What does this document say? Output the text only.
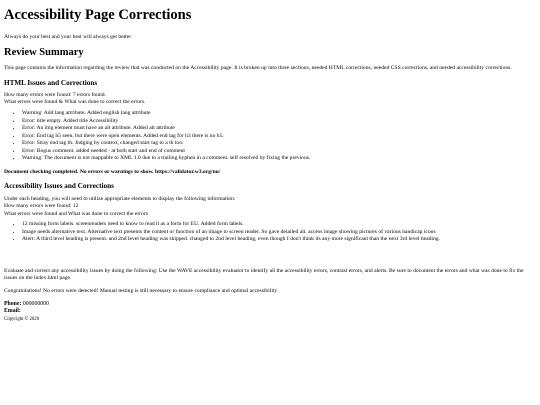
Accessibility Page Corrections

Always do your best and your best will always get better

Review Summary

This page contains the information regarding the review that was conducted on the Accessibility page. It is broken up into three sections, needed HTML corrections, needed CSS corrections, and needed accessibility corrections.

HTML Issues and Corrections

How many errors were found: 7 errors found.

What errors were found & What was done to correct the errors.

• Warning: Add lang attribute. Added english lang attribute
• Error: title empty. Added title Accessibility
• Error: An img element must have an alt attribute. Added alt attribute
• Error: End tag h5 seen, but there were open elements. Added end tag for h3 there is no h5.
• Error: Stray end tag th. Judging by context, changed start tag to a th too.
• Error: Bogus comment. added needed - at both start and end of comment
• Warning: The document is not mappable to XML 1.0 due to a trailing hyphen in a comment. self resolved by fixing the previous.

Document checking completed. No errors or warnings to show. https://validator.w3.org/nu/

Accessibility Issues and Corrections

Under each heading, you will need to utilize appropriate elements to display the following information:

How many errors were found: 12

What errors were found and What was done to correct the errors

• 12 missing form labels. screenreaders need to know to read it as a form for EU. Added form labels.
• Image needs alternative text. Alternative text presents the content or function of an image to screen reader. So gave detailed alt. access image showing pictures of various handicap icons
• Alert: A third level heading is present. and 2nd level heading was skipped. changed to 2nd level heading, even though I don't think its any more significant than the next 3rd level heading.

Evaluate and correct any accessibility issues by doing the following: Use the WAVE accessibility evaluator to identify all the accessibility errors, contrast errors, and alerts. Be sure to document the errors and what was done to fix the issues on the index.html page.

Congratulations! No errors were detected! Manual testing is still necessary to ensure compliance and optimal accessibility

Phone: 000000000
Email:
Copyright © 2020
